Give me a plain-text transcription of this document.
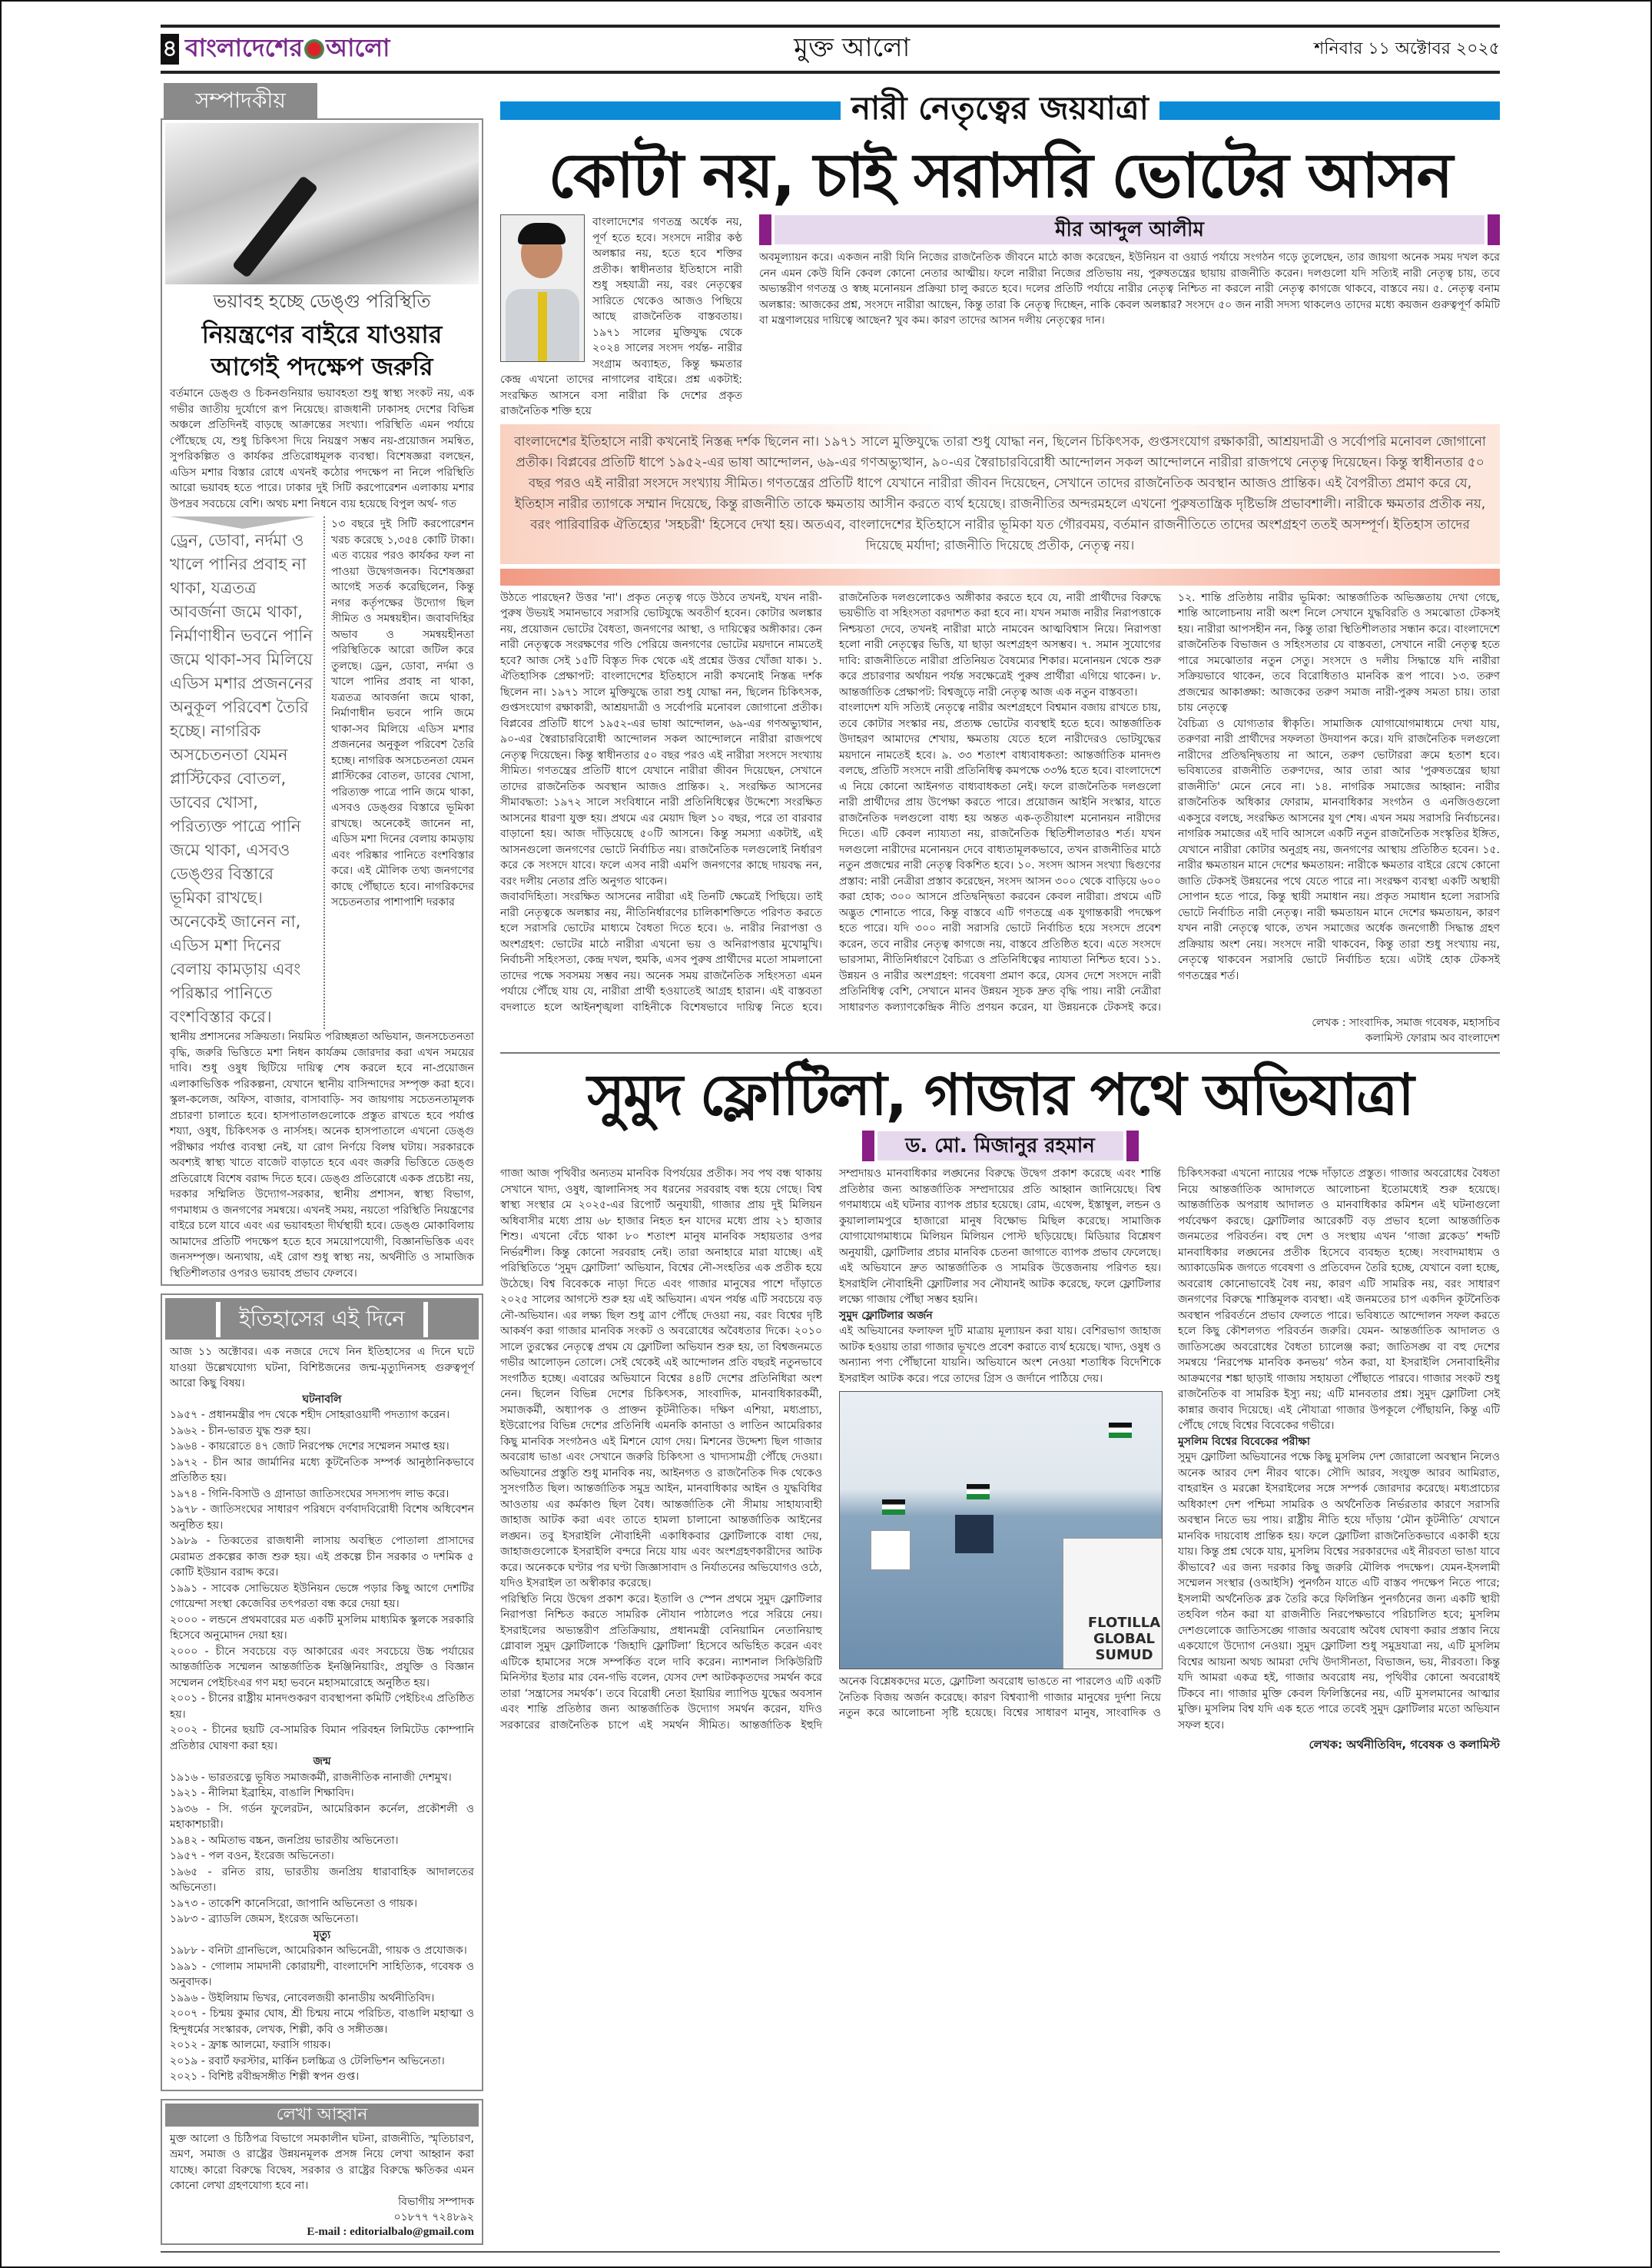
৪ বাংলাদেশের আলো	মুক্ত আলো	শনিবার ১১ অক্টোবর ২০২৫
সম্পাদকীয়
ভয়াবহ হচ্ছে ডেঙ্গু পরিস্থিতি
নিয়ন্ত্রণের বাইরে যাওয়ার
আগেই পদক্ষেপ জরুরি

বর্তমানে ডেঙ্গু ও চিকনগুনিয়ার ভয়াবহতা শুধু স্বাস্থ্য সংকট নয়, এক গভীর জাতীয় দুর্যোগে রূপ নিয়েছে। রাজধানী ঢাকাসহ দেশের বিভিন্ন অঞ্চলে প্রতিদিনই বাড়ছে আক্রান্তের সংখ্যা। পরিস্থিতি এমন পর্যায়ে পৌঁছেছে যে, শুধু চিকিৎসা দিয়ে নিয়ন্ত্রণ সম্ভব নয়-প্রয়োজন সমন্বিত, সুপরিকল্পিত ও কার্যকর প্রতিরোধমূলক ব্যবস্থা। বিশেষজ্ঞরা বলছেন, এডিস মশার বিস্তার রোধে এখনই কঠোর পদক্ষেপ না নিলে পরিস্থিতি আরো ভয়াবহ হতে পারে। ঢাকার দুই সিটি করপোরেশন এলাকায় মশার উপদ্রব সবচেয়ে বেশি। অথচ মশা নিধনে ব্যয় হয়েছে বিপুল অর্থ- গত

ড্রেন, ডোবা, নর্দমা ও খালে পানির প্রবাহ না থাকা, যত্রতত্র আবর্জনা জমে থাকা, নির্মাণাধীন ভবনে পানি জমে থাকা-সব মিলিয়ে এডিস মশার প্রজননের অনুকূল পরিবেশ তৈরি হচ্ছে। নাগরিক অসচেতনতা যেমন প্লাস্টিকের বোতল, ডাবের খোসা, পরিত্যক্ত পাত্রে পানি জমে থাকা, এসবও ডেঙ্গুর বিস্তারে ভূমিকা রাখছে। অনেকেই জানেন না, এডিস মশা দিনের বেলায় কামড়ায় এবং পরিষ্কার পানিতে বংশবিস্তার করে।

১৩ বছরে দুই সিটি করপোরেশন খরচ করেছে ১,৩৫৪ কোটি টাকা। এত ব্যয়ের পরও কার্যকর ফল না পাওয়া উদ্বেগজনক। বিশেষজ্ঞরা আগেই সতর্ক করেছিলেন, কিন্তু নগর কর্তৃপক্ষের উদ্যোগ ছিল সীমিত ও সমন্বয়হীন। জবাবদিহির অভাব ও সমন্বয়হীনতা পরিস্থিতিকে আরো জটিল করে তুলছে। ড্রেন, ডোবা, নর্দমা ও খালে পানির প্রবাহ না থাকা, যত্রতত্র আবর্জনা জমে থাকা, নির্মাণাধীন ভবনে পানি জমে থাকা-সব মিলিয়ে এডিস মশার প্রজননের অনুকূল পরিবেশ তৈরি হচ্ছে। নাগরিক অসচেতনতা যেমন প্লাস্টিকের বোতল, ডাবের খোসা, পরিত্যক্ত পাত্রে পানি জমে থাকা, এসবও ডেঙ্গুর বিস্তারে ভূমিকা রাখছে। অনেকেই জানেন না, এডিস মশা দিনের বেলায় কামড়ায় এবং পরিষ্কার পানিতে বংশবিস্তার করে। এই মৌলিক তথ্য জনগণের কাছে পৌঁছাতে হবে। নাগরিকদের সচেতনতার পাশাপাশি দরকার

স্থানীয় প্রশাসনের সক্রিয়তা। নিয়মিত পরিচ্ছন্নতা অভিযান, জনসচেতনতা বৃদ্ধি, জরুরি ভিত্তিতে মশা নিধন কার্যক্রম জোরদার করা এখন সময়ের দাবি। শুধু ওষুধ ছিটিয়ে দায়িত্ব শেষ করলে হবে না-প্রয়োজন এলাকাভিত্তিক পরিকল্পনা, যেখানে স্থানীয় বাসিন্দাদের সম্পৃক্ত করা হবে। স্কুল-কলেজ, অফিস, বাজার, বাসাবাড়ি- সব জায়গায় সচেতনতামূলক প্রচারণা চালাতে হবে। হাসপাতালগুলোকে প্রস্তুত রাখতে হবে পর্যাপ্ত শয্যা, ওষুধ, চিকিৎসক ও নার্সসহ। অনেক হাসপাতালে এখনো ডেঙ্গু পরীক্ষার পর্যাপ্ত ব্যবস্থা নেই, যা রোগ নির্ণয়ে বিলম্ব ঘটায়। সরকারকে অবশ্যই স্বাস্থ্য খাতে বাজেট বাড়াতে হবে এবং জরুরি ভিত্তিতে ডেঙ্গু প্রতিরোধে বিশেষ বরাদ্দ দিতে হবে। ডেঙ্গু প্রতিরোধে একক প্রচেষ্টা নয়, দরকার সম্মিলিত উদ্যোগ-সরকার, স্থানীয় প্রশাসন, স্বাস্থ্য বিভাগ, গণমাধ্যম ও জনগণের সমন্বয়ে। এখনই সময়, নয়তো পরিস্থিতি নিয়ন্ত্রণের বাইরে চলে যাবে এবং এর ভয়াবহতা দীর্ঘস্থায়ী হবে। ডেঙ্গু মোকাবিলায় আমাদের প্রতিটি পদক্ষেপ হতে হবে সময়োপযোগী, বিজ্ঞানভিত্তিক এবং জনসম্পৃক্ত। অন্যথায়, এই রোগ শুধু স্বাস্থ্য নয়, অর্থনীতি ও সামাজিক স্থিতিশীলতার ওপরও ভয়াবহ প্রভাব ফেলবে।

ইতিহাসের এই দিনে

আজ ১১ অক্টোবর। এক নজরে দেখে নিন ইতিহাসের এ দিনে ঘটে যাওয়া উল্লেখযোগ্য ঘটনা, বিশিষ্টজনের জন্ম-মৃত্যুদিনসহ গুরুত্বপূর্ণ আরো কিছু বিষয়।

ঘটনাবলি
১৯৫৭ - প্রধানমন্ত্রীর পদ থেকে শহীদ সোহরাওয়ার্দী পদত্যাগ করেন।
১৯৬২ - চীন-ভারত যুদ্ধ শুরু হয়।
১৯৬৪ - কায়রোতে ৪৭ জোট নিরপেক্ষ দেশের সম্মেলন সমাপ্ত হয়।
১৯৭২ - চীন আর জার্মানির মধ্যে কূটনৈতিক সম্পর্ক আনুষ্ঠানিকভাবে প্রতিষ্ঠিত হয়।
১৯৭৪ - গিনি-বিসাউ ও গ্রানাডা জাতিসংঘের সদস্যপদ লাভ করে।
১৯৭৮ - জাতিসংঘের সাধারণ পরিষদে বর্ণবাদবিরোধী বিশেষ অধিবেশন অনুষ্ঠিত হয়।
১৯৮৯ - তিব্বতের রাজধানী লাসায় অবস্থিত পোতালা প্রাসাদের মেরামত প্রকল্পের কাজ শুরু হয়। এই প্রকল্পে চীন সরকার ৩ দশমিক ৫ কোটি ইউয়ান বরাদ্দ করে।
১৯৯১ - সাবেক সোভিয়েত ইউনিয়ন ভেঙ্গে পড়ার কিছু আগে দেশটির গোয়েন্দা সংস্থা কেজেবির তৎপরতা বন্ধ করে দেয়া হয়।
২০০০ - লন্ডনে প্রথমবারের মত একটি মুসলিম মাধ্যমিক স্কুলকে সরকারি হিসেবে অনুমোদন দেয়া হয়।
২০০০ - চীনে সবচেয়ে বড় আকারের এবং সবচেয়ে উচ্চ পর্যায়ের আন্তর্জাতিক সম্মেলন আন্তর্জাতিক ইনঞ্জিনিয়ারিং, প্রযুক্তি ও বিজ্ঞান সম্মেলন পেইচিংএর গণ মহা ভবনে মহাসমারোহে অনুষ্ঠিত হয়।
২০০১ - চীনের রাষ্ট্রীয় মানদণ্ডকরণ ব্যবস্থাপনা কমিটি পেইচিংএ প্রতিষ্ঠিত হয়।
২০০২ - চীনের ছয়টি বে-সামরিক বিমান পরিবহন লিমিটেড কোম্পানি প্রতিষ্ঠার ঘোষণা করা হয়।
জন্ম
১৯১৬ - ভারতরত্নে ভূষিত সমাজকর্মী, রাজনীতিক নানাজী দেশমুখ।
১৯২১ - নীলিমা ইব্রাহিম, বাঙালি শিক্ষাবিদ।
১৯৩৬ - সি. গর্ডন ফুলেরটন, আমেরিকান কর্নেল, প্রকৌশলী ও মহাকাশচারী।
১৯৪২ - অমিতাভ বচ্চন, জনপ্রিয় ভারতীয় অভিনেতা।
১৯৫৭ - পল বওন, ইংরেজ অভিনেতা।
১৯৬৫ - রনিত রায়, ভারতীয় জনপ্রিয় ধারাবাহিক আদালতের অভিনেতা।
১৯৭৩ - তাকেশি কানেসিরো, জাপানি অভিনেতা ও গায়ক।
১৯৮৩ - ব্র্যাডলি জেমস, ইংরেজ অভিনেতা।
মৃত্যু
১৯৮৮ - বনিটা গ্রানভিলে, আমেরিকান অভিনেত্রী, গায়ক ও প্রযোজক।
১৯৯১ - গোলাম সামদানী কোরায়শী, বাংলাদেশি সাহিত্যিক, গবেষক ও অনুবাদক।
১৯৯৬ - উইলিয়াম ভিখর, নোবেলজয়ী কানাডীয় অর্থনীতিবিদ।
২০০৭ - চিন্ময় কুমার ঘোষ, শ্রী চিন্ময় নামে পরিচিত, বাঙালি মহাত্মা ও হিন্দুধর্মের সংস্কারক, লেখক, শিল্পী, কবি ও সঙ্গীতজ্ঞ।
২০১২ - ফ্রাঙ্ক আলমো, ফরাসি গায়ক।
২০১৯ - রবার্ট ফরস্টার, মার্কিন চলচ্চিত্র ও টেলিভিশন অভিনেতা।
২০২১ - বিশিষ্ট রবীন্দ্রসঙ্গীত শিল্পী স্বপন গুপ্ত।
লেখা আহ্বান

মুক্ত আলো ও চিঠিপত্র বিভাগে সমকালীন ঘটনা, রাজনীতি, স্মৃতিচারণ, ভ্রমণ, সমাজ ও রাষ্ট্রের উন্নয়নমূলক প্রসঙ্গ নিয়ে লেখা আহ্বান করা যাচ্ছে। কারো বিরুদ্ধে বিদ্বেষ, সরকার ও রাষ্ট্রের বিরুদ্ধে ক্ষতিকর এমন কোনো লেখা গ্রহণযোগ্য হবে না।

বিভাগীয় সম্পাদক
০১৮৭৭ ৭২৪৮৯২
E-mail : editorialbalo@gmail.com
নারী নেতৃত্বের জয়যাত্রা
কোটা নয়, চাই সরাসরি ভোটের আসন

বাংলাদেশের গণতন্ত্র অর্ধেক নয়, পূর্ণ হতে হবে। সংসদে নারীর কণ্ঠ অলঙ্কার নয়, হতে হবে শক্তির প্রতীক। স্বাধীনতার ইতিহাসে নারী শুধু সহযাত্রী নয়, বরং নেতৃত্বের সারিতে থেকেও আজও পিছিয়ে আছে রাজনৈতিক বাস্তবতায়। ১৯৭১ সালের মুক্তিযুদ্ধ থেকে ২০২৪ সালের সংসদ পর্যন্ত- নারীর সংগ্রাম অব্যাহত, কিন্তু ক্ষমতার কেন্দ্র এখনো তাদের নাগালের বাইরে। প্রশ্ন একটাই: সংরক্ষিত আসনে বসা নারীরা কি দেশের প্রকৃত রাজনৈতিক শক্তি হয়ে

মীর আব্দুল আলীম

অবমূল্যায়ন করে। একজন নারী যিনি নিজের রাজনৈতিক জীবনে মাঠে কাজ করেছেন, ইউনিয়ন বা ওয়ার্ড পর্যায়ে সংগঠন গড়ে তুলেছেন, তার জায়গা অনেক সময় দখল করে নেন এমন কেউ যিনি কেবল কোনো নেতার আত্মীয়। ফলে নারীরা নিজের প্রতিভায় নয়, পুরুষতন্ত্রের ছায়ায় রাজনীতি করেন। দলগুলো যদি সত্যিই নারী নেতৃত্ব চায়, তবে অভ্যন্তরীণ গণতন্ত্র ও স্বচ্ছ মনোনয়ন প্রক্রিয়া চালু করতে হবে। দলের প্রতিটি পর্যায়ে নারীর নেতৃত্ব নিশ্চিত না করলে নারী নেতৃত্ব কাগজে থাকবে, বাস্তবে নয়। ৫. নেতৃত্ব বনাম অলঙ্কার: আজকের প্রশ্ন, সংসদে নারীরা আছেন, কিন্তু তারা কি নেতৃত্ব দিচ্ছেন, নাকি কেবল অলঙ্কার? সংসদে ৫০ জন নারী সদস্য থাকলেও তাদের মধ্যে কয়জন গুরুত্বপূর্ণ কমিটি বা মন্ত্রণালয়ের দায়িত্বে আছেন? খুব কম। কারণ তাদের আসন দলীয় নেতৃত্বের দান।

বাংলাদেশের ইতিহাসে নারী কখনোই নিস্তব্ধ দর্শক ছিলেন না। ১৯৭১ সালে মুক্তিযুদ্ধে তারা শুধু যোদ্ধা নন, ছিলেন চিকিৎসক, গুপ্তসংযোগ রক্ষাকারী, আশ্রয়দাত্রী ও সর্বোপরি মনোবল জোগানো প্রতীক। বিপ্লবের প্রতিটি ধাপে ১৯৫২-এর ভাষা আন্দোলন, ৬৯-এর গণঅভ্যুত্থান, ৯০-এর স্বৈরাচারবিরোধী আন্দোলন সকল আন্দোলনে নারীরা রাজপথে নেতৃত্ব দিয়েছেন। কিন্তু স্বাধীনতার ৫০ বছর পরও এই নারীরা সংসদে সংখ্যায় সীমিত। গণতন্ত্রের প্রতিটি ধাপে যেখানে নারীরা জীবন দিয়েছেন, সেখানে তাদের রাজনৈতিক অবস্থান আজও প্রান্তিক। এই বৈপরীত্য প্রমাণ করে যে, ইতিহাস নারীর ত্যাগকে সম্মান দিয়েছে, কিন্তু রাজনীতি তাকে ক্ষমতায় আসীন করতে ব্যর্থ হয়েছে। রাজনীতির অন্দরমহলে এখনো পুরুষতান্ত্রিক দৃষ্টিভঙ্গি প্রভাবশালী। নারীকে ক্ষমতার প্রতীক নয়, বরং পারিবারিক ঐতিহ্যের 'সহচরী' হিসেবে দেখা হয়। অতএব, বাংলাদেশের ইতিহাসে নারীর ভূমিকা যত গৌরবময়, বর্তমান রাজনীতিতে তাদের অংশগ্রহণ ততই অসম্পূর্ণ। ইতিহাস তাদের দিয়েছে মর্যাদা; রাজনীতি দিয়েছে প্রতীক, নেতৃত্ব নয়।

উঠতে পারছেন? উত্তর 'না'। প্রকৃত নেতৃত্ব গড়ে উঠবে তখনই, যখন নারী-পুরুষ উভয়ই সমানভাবে সরাসরি ভোটযুদ্ধে অবতীর্ণ হবেন। কোটার অলঙ্কার নয়, প্রয়োজন ভোটের বৈধতা, জনগণের আস্থা, ও দায়িত্বের অঙ্গীকার। কেন নারী নেতৃত্বকে সংরক্ষণের গণ্ডি পেরিয়ে জনগণের ভোটের ময়দানে নামতেই হবে? আজ সেই ১৫টি বিস্তৃত দিক থেকে এই প্রশ্নের উত্তর খোঁজা যাক। ১. ঐতিহাসিক প্রেক্ষাপট: বাংলাদেশের ইতিহাসে নারী কখনোই নিস্তব্ধ দর্শক ছিলেন না। ১৯৭১ সালে মুক্তিযুদ্ধে তারা শুধু যোদ্ধা নন, ছিলেন চিকিৎসক, গুপ্তসংযোগ রক্ষাকারী, আশ্রয়দাত্রী ও সর্বোপরি মনোবল জোগানো প্রতীক। বিপ্লবের প্রতিটি ধাপে ১৯৫২-এর ভাষা আন্দোলন, ৬৯-এর গণঅভ্যুত্থান, ৯০-এর স্বৈরাচারবিরোধী আন্দোলন সকল আন্দোলনে নারীরা রাজপথে নেতৃত্ব দিয়েছেন। কিন্তু স্বাধীনতার ৫০ বছর পরও এই নারীরা সংসদে সংখ্যায় সীমিত। গণতন্ত্রের প্রতিটি ধাপে যেখানে নারীরা জীবন দিয়েছেন, সেখানে তাদের রাজনৈতিক অবস্থান আজও প্রান্তিক। ২. সংরক্ষিত আসনের সীমাবদ্ধতা: ১৯৭২ সালে সংবিধানে নারী প্রতিনিধিত্বের উদ্দেশ্যে সংরক্ষিত আসনের ধারণা যুক্ত হয়। প্রথমে এর মেয়াদ ছিল ১০ বছর, পরে তা বারবার বাড়ানো হয়। আজ দাঁড়িয়েছে ৫০টি আসনে। কিন্তু সমস্যা একটাই, এই আসনগুলো জনগণের ভোটে নির্বাচিত নয়। রাজনৈতিক দলগুলোই নির্ধারণ করে কে সংসদে যাবে। ফলে এসব নারী এমপি জনগণের কাছে দায়বদ্ধ নন, বরং দলীয় নেতার প্রতি অনুগত থাকেন।

জবাবদিহিতা। সংরক্ষিত আসনের নারীরা এই তিনটি ক্ষেত্রেই পিছিয়ে। তাই নারী নেতৃত্বকে অলঙ্কার নয়, নীতিনির্ধারণের চালিকাশক্তিতে পরিণত করতে হলে সরাসরি ভোটের মাধ্যমে বৈধতা দিতে হবে। ৬. নারীর নিরাপত্তা ও অংশগ্রহণ: ভোটের মাঠে নারীরা এখনো ভয় ও অনিরাপত্তার মুখোমুখি। নির্বাচনী সহিংসতা, কেন্দ্র দখল, হুমকি, এসব পুরুষ প্রার্থীদের মতো সামলানো তাদের পক্ষে সবসময় সম্ভব নয়। অনেক সময় রাজনৈতিক সহিংসতা এমন পর্যায়ে পৌঁছে যায় যে, নারীরা প্রার্থী হওয়াতেই আগ্রহ হারান। এই বাস্তবতা বদলাতে হলে আইনশৃঙ্খলা বাহিনীকে বিশেষভাবে দায়িত্ব নিতে হবে। রাজনৈতিক দলগুলোকেও অঙ্গীকার করতে হবে যে, নারী প্রার্থীদের বিরুদ্ধে ভয়ভীতি বা সহিংসতা বরদাশত করা হবে না। যখন সমাজ নারীর নিরাপত্তাকে নিশ্চয়তা দেবে, তখনই নারীরা মাঠে নামবেন আত্মবিশ্বাস নিয়ে। নিরাপত্তা হলো নারী নেতৃত্বের ভিত্তি, যা ছাড়া অংশগ্রহণ অসম্ভব। ৭. সমান সুযোগের দাবি: রাজনীতিতে নারীরা প্রতিনিয়ত বৈষম্যের শিকার। মনোনয়ন থেকে শুরু করে প্রচারণার অর্থায়ন পর্যন্ত সবক্ষেত্রেই পুরুষ প্রার্থীরা এগিয়ে থাকেন। ৮. আন্তর্জাতিক প্রেক্ষাপট: বিশ্বজুড়ে নারী নেতৃত্ব আজ এক নতুন বাস্তবতা।

বাংলাদেশ যদি সত্যিই নেতৃত্বে নারীর অংশগ্রহণে বিশ্বমান বজায় রাখতে চায়, তবে কোটার সংস্কার নয়, প্রত্যক্ষ ভোটের ব্যবস্থাই হতে হবে। আন্তর্জাতিক উদাহরণ আমাদের শেখায়, ক্ষমতায় যেতে হলে নারীদেরও ভোটযুদ্ধের ময়দানে নামতেই হবে। ৯. ৩৩ শতাংশ বাধ্যবাধকতা: আন্তর্জাতিক মানদণ্ড বলছে, প্রতিটি সংসদে নারী প্রতিনিধিত্ব কমপক্ষে ৩৩% হতে হবে। বাংলাদেশে এ নিয়ে কোনো আইনগত বাধ্যবাধকতা নেই। ফলে রাজনৈতিক দলগুলো নারী প্রার্থীদের প্রায় উপেক্ষা করতে পারে। প্রয়োজন আইনি সংস্কার, যাতে রাজনৈতিক দলগুলো বাধ্য হয় অন্তত এক-তৃতীয়াংশ মনোনয়ন নারীদের দিতে। এটি কেবল ন্যায্যতা নয়, রাজনৈতিক স্থিতিশীলতারও শর্ত। যখন দলগুলো নারীদের মনোনয়ন দেবে বাধ্যতামূলকভাবে, তখন রাজনীতির মাঠে নতুন প্রজন্মের নারী নেতৃত্ব বিকশিত হবে। ১০. সংসদ আসন সংখ্যা দ্বিগুণের প্রস্তাব: নারী নেত্রীরা প্রস্তাব করেছেন, সংসদ আসন ৩০০ থেকে বাড়িয়ে ৬০০ করা হোক; ৩০০ আসনে প্রতিদ্বন্দ্বিতা করবেন কেবল নারীরা। প্রথমে এটি অদ্ভুত শোনাতে পারে, কিন্তু বাস্তবে এটি গণতন্ত্রে এক যুগান্তকারী পদক্ষেপ হতে পারে। যদি ৩০০ নারী সরাসরি ভোটে নির্বাচিত হয়ে সংসদে প্রবেশ করেন, তবে নারীর নেতৃত্ব কাগজে নয়, বাস্তবে প্রতিষ্ঠিত হবে। এতে সংসদে ভারসাম্য, নীতিনির্ধারণে বৈচিত্র্য ও প্রতিনিধিত্বের ন্যায্যতা নিশ্চিত হবে। ১১. উন্নয়ন ও নারীর অংশগ্রহণ: গবেষণা প্রমাণ করে, যেসব দেশে সংসদে নারী প্রতিনিধিত্ব বেশি, সেখানে মানব উন্নয়ন সূচক দ্রুত বৃদ্ধি পায়। নারী নেত্রীরা সাধারণত কল্যাণকেন্দ্রিক নীতি প্রণয়ন করেন, যা উন্নয়নকে টেকসই করে। ১২. শান্তি প্রতিষ্ঠায় নারীর ভূমিকা: আন্তর্জাতিক অভিজ্ঞতায় দেখা গেছে, শান্তি আলোচনায় নারী অংশ নিলে সেখানে যুদ্ধবিরতি ও সমঝোতা টেকসই হয়। নারীরা আপসহীন নন, কিন্তু তারা স্থিতিশীলতার সন্ধান করে। বাংলাদেশে রাজনৈতিক বিভাজন ও সহিংসতার যে বাস্তবতা, সেখানে নারী নেতৃত্ব হতে পারে সমঝোতার নতুন সেতু। সংসদে ও দলীয় সিদ্ধান্তে যদি নারীরা সক্রিয়ভাবে থাকেন, তবে বিরোধিতাও মানবিক রূপ পাবে। ১৩. তরুণ প্রজন্মের আকাঙ্ক্ষা: আজকের তরুণ সমাজ নারী-পুরুষ সমতা চায়। তারা চায় নেতৃত্বে

বৈচিত্র্য ও যোগ্যতার স্বীকৃতি। সামাজিক যোগাযোগমাধ্যমে দেখা যায়, তরুণরা নারী প্রার্থীদের সফলতা উদযাপন করে। যদি রাজনৈতিক দলগুলো নারীদের প্রতিদ্বন্দ্বিতায় না আনে, তরুণ ভোটাররা ক্রমে হতাশ হবে। ভবিষ্যতের রাজনীতি তরুণদের, আর তারা আর 'পুরুষতন্ত্রের ছায়া রাজনীতি' মেনে নেবে না। ১৪. নাগরিক সমাজের আহ্বান: নারীর রাজনৈতিক অধিকার ফোরাম, মানবাধিকার সংগঠন ও এনজিওগুলো একসুরে বলছে, সংরক্ষিত আসনের যুগ শেষ। এখন সময় সরাসরি নির্বাচনের। নাগরিক সমাজের এই দাবি আসলে একটি নতুন রাজনৈতিক সংস্কৃতির ইঙ্গিত, যেখানে নারীরা কোটার অনুগ্রহ নয়, জনগণের আস্থায় প্রতিষ্ঠিত হবেন। ১৫. নারীর ক্ষমতায়ন মানে দেশের ক্ষমতায়ন: নারীকে ক্ষমতার বাইরে রেখে কোনো জাতি টেকসই উন্নয়নের পথে যেতে পারে না। সংরক্ষণ ব্যবস্থা একটি অস্থায়ী সোপান হতে পারে, কিন্তু স্থায়ী সমাধান নয়। প্রকৃত সমাধান হলো সরাসরি ভোটে নির্বাচিত নারী নেতৃত্ব। নারী ক্ষমতায়ন মানে দেশের ক্ষমতায়ন, কারণ যখন নারী নেতৃত্বে থাকে, তখন সমাজের অর্ধেক জনগোষ্ঠী সিদ্ধান্ত গ্রহণ প্রক্রিয়ায় অংশ নেয়। সংসদে নারী থাকবেন, কিন্তু তারা শুধু সংখ্যায় নয়, নেতৃত্বে থাকবেন সরাসরি ভোটে নির্বাচিত হয়ে। এটাই হোক টেকসই গণতন্ত্রের শর্ত।

লেখক : সাংবাদিক, সমাজ গবেষক, মহাসচিব
কলামিস্ট ফোরাম অব বাংলাদেশ
সুমুদ ফ্লোটিলা, গাজার পথে অভিযাত্রা
ড. মো. মিজানুর রহমান

গাজা আজ পৃথিবীর অন্যতম মানবিক বিপর্যয়ের প্রতীক। সব পথ বন্ধ থাকায় সেখানে খাদ্য, ওষুধ, জ্বালানিসহ সব ধরনের সরবরাহ বন্ধ হয়ে গেছে। বিশ্ব স্বাস্থ্য সংস্থার মে ২০২৫-এর রিপোর্ট অনুযায়ী, গাজার প্রায় দুই মিলিয়ন অধিবাসীর মধ্যে প্রায় ৬৮ হাজার নিহত হন যাদের মধ্যে প্রায় ২১ হাজার শিশু। এখনো বেঁচে থাকা ৮০ শতাংশ মানুষ মানবিক সহায়তার ওপর নির্ভরশীল। কিন্তু কোনো সরবরাহ নেই। তারা অনাহারে মারা যাচ্ছে। এই পরিস্থিতিতে ‘সুমুদ ফ্লোটিলা’ অভিযান, বিশ্বের নৌ-সংহতির এক প্রতীক হয়ে উঠেছে। বিশ্ব বিবেককে নাড়া দিতে এবং গাজার মানুষের পাশে দাঁড়াতে ২০২৫ সালের আগস্টে শুরু হয় এই অভিযান। এখন পর্যন্ত এটি সবচেয়ে বড় নৌ-অভিযান। এর লক্ষ্য ছিল শুধু ত্রাণ পৌঁছে দেওয়া নয়, বরং বিশ্বের দৃষ্টি আকর্ষণ করা গাজার মানবিক সংকট ও অবরোধের অবৈধতার দিকে। ২০১০ সালে তুরস্কের নেতৃত্বে প্রথম যে ফ্লোটিলা অভিযান শুরু হয়, তা বিশ্বজনমতে গভীর আলোড়ন তোলে। সেই থেকেই এই আন্দোলন প্রতি বছরই নতুনভাবে সংগঠিত হচ্ছে। এবারের অভিযানে বিশ্বের ৪৪টি দেশের প্রতিনিধিরা অংশ নেন। ছিলেন বিভিন্ন দেশের চিকিৎসক, সাংবাদিক, মানবাধিকারকর্মী, সমাজকর্মী, অধ্যাপক ও প্রাক্তন কূটনীতিক। দক্ষিণ এশিয়া, মধ্যপ্রাচ্য, ইউরোপের বিভিন্ন দেশের প্রতিনিধি এমনকি কানাডা ও লাতিন আমেরিকার কিছু মানবিক সংগঠনও এই মিশনে যোগ দেয়। মিশনের উদ্দেশ্য ছিল গাজার অবরোধ ভাঙা এবং সেখানে জরুরি চিকিৎসা ও খাদ্যসামগ্রী পৌঁছে দেওয়া। অভিযানের প্রস্তুতি শুধু মানবিক নয়, আইনগত ও রাজনৈতিক দিক থেকেও সুসংগঠিত ছিল। আন্তর্জাতিক সমুদ্র আইন, মানবাধিকার আইন ও যুদ্ধবিধির আওতায় এর কর্মকাণ্ড ছিল বৈধ। আন্তর্জাতিক নৌ সীমায় সাহায্যবাহী জাহাজ আটক করা এবং তাতে হামলা চালানো আন্তর্জাতিক আইনের লঙ্ঘন। তবু ইসরাইলি নৌবাহিনী একাধিকবার ফ্লোটিলাকে বাধা দেয়, জাহাজগুলোকে ইসরাইলি বন্দরে নিয়ে যায় এবং অংশগ্রহণকারীদের আটক করে। অনেককে ঘণ্টার পর ঘণ্টা জিজ্ঞাসাবাদ ও নির্যাতনের অভিযোগও ওঠে, যদিও ইসরাইল তা অস্বীকার করেছে।

পরিস্থিতি নিয়ে উদ্বেগ প্রকাশ করে। ইতালি ও স্পেন প্রথমে সুমুদ ফ্লোটিলার নিরাপত্তা নিশ্চিত করতে সামরিক নৌযান পাঠালেও পরে সরিয়ে নেয়। ইসরাইলের অভ্যন্তরীণ প্রতিক্রিয়ায়, প্রধানমন্ত্রী বেনিয়ামিন নেতানিয়াহু গ্লোবাল সুমুদ ফ্লোটিলাকে ‘জিহাদি ফ্লোটিলা’ হিসেবে অভিহিত করেন এবং এটিকে হামাসের সঙ্গে সম্পর্কিত বলে দাবি করেন। ন্যাশনাল সিকিউরিটি মিনিস্টার ইতার মার বেন-গভি বলেন, যেসব দেশ আটককৃতদের সমর্থন করে তারা ‘সন্ত্রাসের সমর্থক’। তবে বিরোধী নেতা ইয়ায়ির ল্যাপিড যুদ্ধের অবসান এবং শান্তি প্রতিষ্ঠার জন্য আন্তর্জাতিক উদ্যোগ সমর্থন করেন, যদিও সরকারের রাজনৈতিক চাপে এই সমর্থন সীমিত। আন্তর্জাতিক ইহুদি সম্প্রদায়ও মানবাধিকার লঙ্ঘনের বিরুদ্ধে উদ্বেগ প্রকাশ করেছে এবং শান্তি প্রতিষ্ঠার জন্য আন্তর্জাতিক সম্প্রদায়ের প্রতি আহ্বান জানিয়েছে। বিশ্ব গণমাধ্যমে এই ঘটনার ব্যাপক প্রচার হয়েছে। রোম, এথেন্স, ইস্তাম্বুল, লন্ডন ও কুয়ালালামপুরে হাজারো মানুষ বিক্ষোভ মিছিল করেছে। সামাজিক যোগাযোগমাধ্যমে মিলিয়ন মিলিয়ন পোস্ট ছড়িয়েছে। মিডিয়ার বিশ্লেষণ অনুযায়ী, ফ্লোটিলার প্রচার মানবিক চেতনা জাগাতে ব্যাপক প্রভাব ফেলেছে। এই অভিযানে দ্রুত আন্তর্জাতিক ও সামরিক উত্তেজনায় পরিণত হয়। ইসরাইলি নৌবাহিনী ফ্লোটিলার সব নৌযানই আটক করেছে, ফলে ফ্লোটিলার লক্ষ্যে গাজায় পৌঁছা সম্ভব হয়নি।

সুমুদ ফ্লোটিলার অর্জন

এই অভিযানের ফলাফল দুটি মাত্রায় মূল্যায়ন করা যায়। বেশিরভাগ জাহাজ আটক হওয়ায় তারা গাজার ভূখণ্ডে প্রবেশ করাতে ব্যর্থ হয়েছে। খাদ্য, ওষুধ ও অন্যান্য পণ্য পৌঁছানো যায়নি। অভিযানে অংশ নেওয়া শতাধিক বিদেশিকে ইসরাইল আটক করে। পরে তাদের গ্রিস ও জর্দানে পাঠিয়ে দেয়।

FLOTILLA GLOBAL SUMUD

অনেক বিশ্লেষকদের মতে, ফ্লোটিলা অবরোধ ভাঙতে না পারলেও এটি একটি নৈতিক বিজয় অর্জন করেছে। কারণ বিশ্বব্যাপী গাজার মানুষের দুর্দশা নিয়ে নতুন করে আলোচনা সৃষ্টি হয়েছে। বিশ্বের সাধারণ মানুষ, সাংবাদিক ও চিকিৎসকরা এখনো ন্যায়ের পক্ষে দাঁড়াতে প্রস্তুত। গাজার অবরোধের বৈধতা নিয়ে আন্তর্জাতিক আদালতে আলোচনা ইতোমধ্যেই শুরু হয়েছে। আন্তর্জাতিক অপরাধ আদালত ও মানবাধিকার কমিশন এই ঘটনাগুলো পর্যবেক্ষণ করছে। ফ্লোটিলার আরেকটি বড় প্রভাব হলো আন্তর্জাতিক জনমতের পরিবর্তন। বহু দেশ ও সংস্থায় এখন ‘গাজা ব্লকেড’ শব্দটি মানবাধিকার লঙ্ঘনের প্রতীক হিসেবে ব্যবহৃত হচ্ছে। সংবাদমাধ্যম ও অ্যাকাডেমিক জগতে গবেষণা ও প্রতিবেদন তৈরি হচ্ছে, যেখানে বলা হচ্ছে, অবরোধ কোনোভাবেই বৈধ নয়, কারণ এটি সামরিক নয়, বরং সাধারণ জনগণের বিরুদ্ধে শাস্তিমূলক ব্যবস্থা। এই জনমতের চাপ একদিন কূটনৈতিক অবস্থান পরিবর্তনে প্রভাব ফেলতে পারে। ভবিষ্যতে আন্দোলন সফল করতে হলে কিছু কৌশলগত পরিবর্তন জরুরি। যেমন- আন্তর্জাতিক আদালত ও জাতিসঙ্ঘে অবরোধের বৈধতা চ্যালেঞ্জ করা; জাতিসঙ্ঘ বা বহু দেশের সমন্বয়ে ‘নিরপেক্ষ মানবিক কনভয়’ গঠন করা, যা ইসরাইলি সেনাবাহিনীর আক্রমণের শঙ্কা ছাড়াই গাজায় সহায়তা পৌঁছাতে পারবে। গাজার সংকট শুধু রাজনৈতিক বা সামরিক ইস্যু নয়; এটি মানবতার প্রশ্ন। সুমুদ ফ্লোটিলা সেই কান্নার জবাব দিয়েছে। এই নৌযাত্রা গাজার উপকূলে পৌঁছায়নি, কিন্তু এটি পৌঁছে গেছে বিশ্বের বিবেকের গভীরে।

মুসলিম বিশ্বের বিবেকের পরীক্ষা

সুমুদ ফ্লোটিলা অভিযানের পক্ষে কিছু মুসলিম দেশ জোরালো অবস্থান নিলেও অনেক আরব দেশ নীরব থাকে। সৌদি আরব, সংযুক্ত আরব আমিরাত, বাহরাইন ও মরক্কো ইসরাইলের সঙ্গে সম্পর্ক জোরদার করেছে। মধ্যপ্রাচ্যের অধিকাংশ দেশ পশ্চিমা সামরিক ও অর্থনৈতিক নির্ভরতার কারণে সরাসরি অবস্থান নিতে ভয় পায়। রাষ্ট্রীয় নীতি হয়ে দাঁড়ায় ‘মৌন কূটনীতি’ যেখানে মানবিক দায়বোধ প্রান্তিক হয়। ফলে ফ্লোটিলা রাজনৈতিকভাবে একাকী হয়ে যায়। কিন্তু প্রশ্ন থেকে যায়, মুসলিম বিশ্বের সরকারদের এই নীরবতা ভাঙা যাবে কীভাবে? এর জন্য দরকার কিছু জরুরি মৌলিক পদক্ষেপ। যেমন-ইসলামী সম্মেলন সংস্থার (ওআইসি) পুনর্গঠন যাতে এটি বাস্তব পদক্ষেপ নিতে পারে; ইসলামী অর্থনৈতিক ব্লক তৈরি করে ফিলিস্তিন পুনর্গঠনের জন্য একটি স্থায়ী তহবিল গঠন করা যা রাজনীতি নিরপেক্ষভাবে পরিচালিত হবে; মুসলিম দেশগুলোকে জাতিসঙ্ঘে গাজার অবরোধ অবৈধ ঘোষণা করার প্রস্তাব নিয়ে একযোগে উদ্যোগ নেওয়া। সুমুদ ফ্লোটিলা শুধু সমুদ্রযাত্রা নয়, এটি মুসলিম বিশ্বের আয়না অথচ আমরা দেখি উদাসীনতা, বিভাজন, ভয়, নীরবতা। কিন্তু যদি আমরা একত্র হই, গাজার অবরোধ নয়, পৃথিবীর কোনো অবরোধই টিকবে না। গাজার মুক্তি কেবল ফিলিস্তিনের নয়, এটি মুসলমানের আত্মার মুক্তি। মুসলিম বিশ্ব যদি এক হতে পারে তবেই সুমুদ ফ্লোটিলার মতো অভিযান সফল হবে।

লেখক: অর্থনীতিবিদ, গবেষক ও কলামিস্ট
